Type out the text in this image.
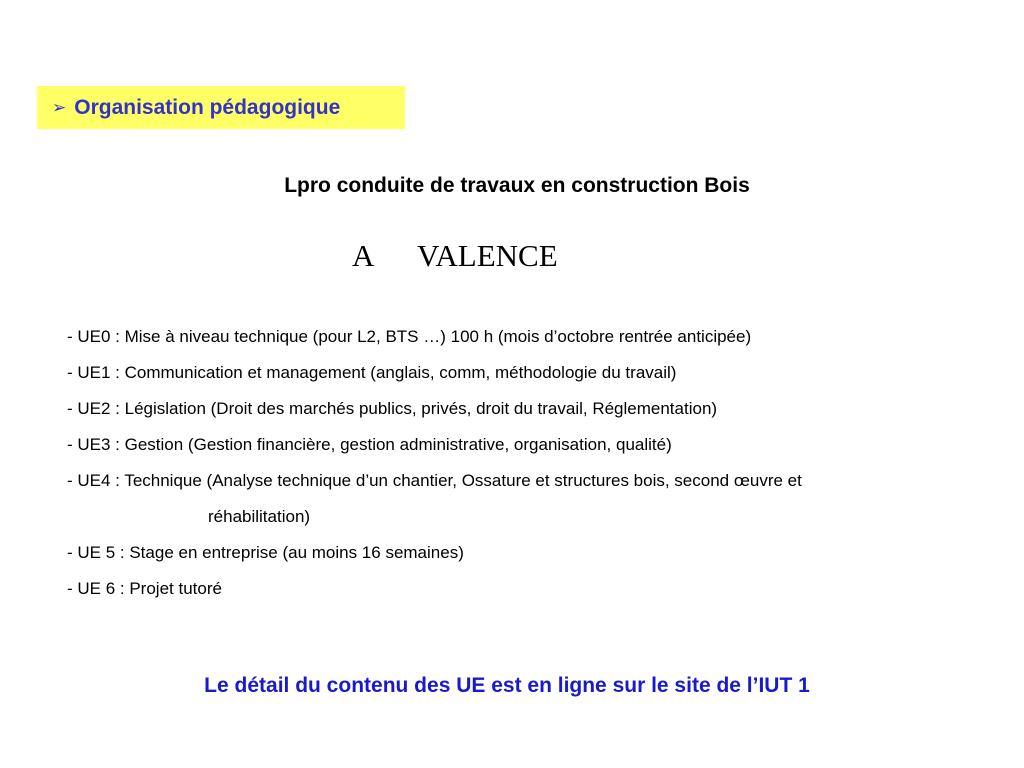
➢ Organisation pédagogique
Lpro conduite de travaux en construction Bois
A VALENCE
- UE0 : Mise à niveau technique (pour L2, BTS …) 100 h (mois d’octobre rentrée anticipée)
- UE1 : Communication et management (anglais, comm, méthodologie du travail)
- UE2 : Législation (Droit des marchés publics, privés, droit du travail, Réglementation)
- UE3 : Gestion (Gestion financière, gestion administrative, organisation, qualité)
- UE4 : Technique (Analyse technique d’un chantier, Ossature et structures bois, second œuvre et
réhabilitation)
- UE 5 : Stage en entreprise (au moins 16 semaines)
- UE 6 : Projet tutoré
Le détail du contenu des UE est en ligne sur le site de l’IUT 1
